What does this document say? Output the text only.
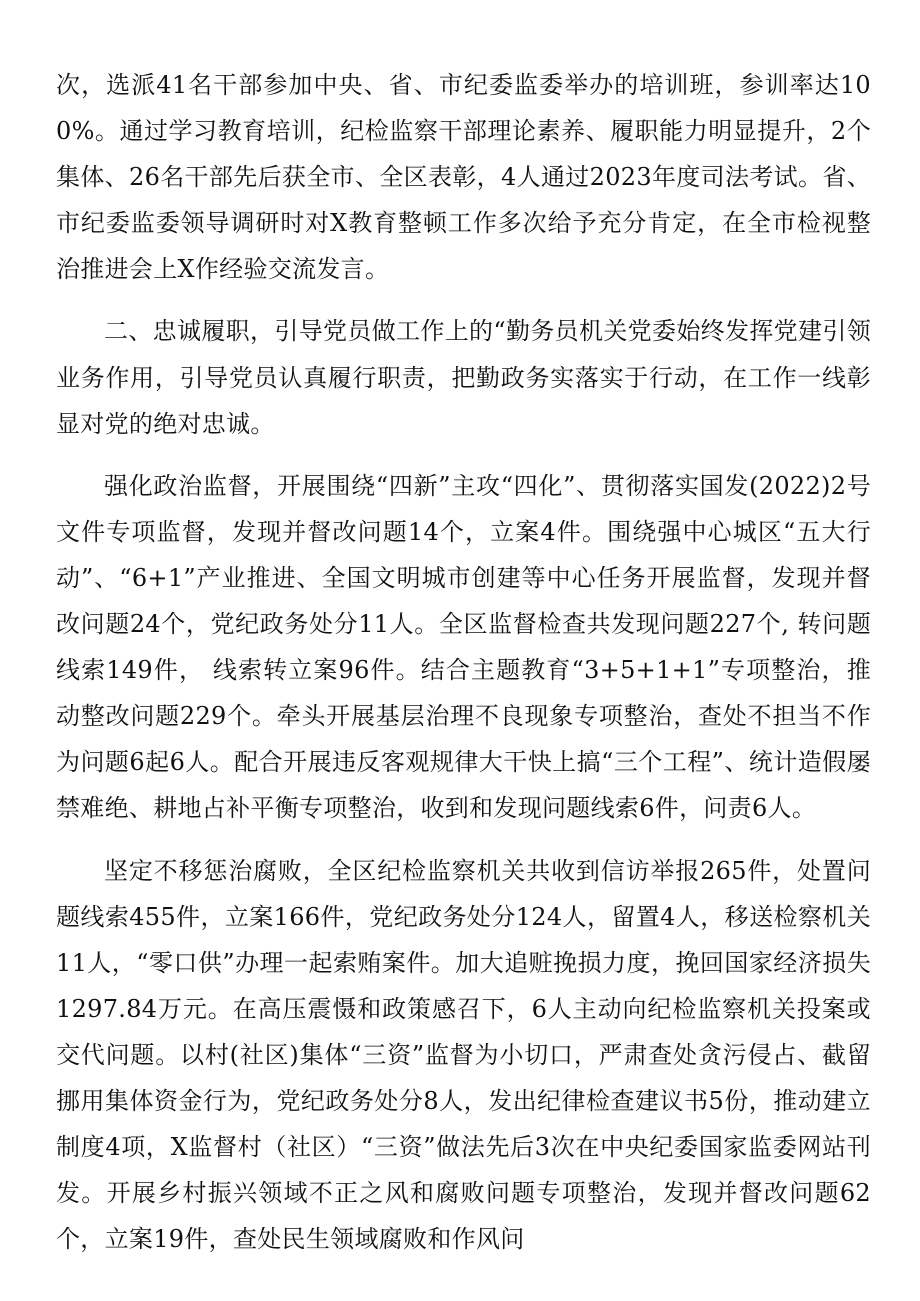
次，选派41名干部参加中央、省、市纪委监委举办的培训班，参训率达100%。通过学习教育培训，纪检监察干部理论素养、履职能力明显提升，2个集体、26名干部先后获全市、全区表彰，4人通过2023年度司法考试。省、市纪委监委领导调研时对X教育整顿工作多次给予充分肯定，在全市检视整治推进会上X作经验交流发言。

二、忠诚履职，引导党员做工作上的“勤务员机关党委始终发挥党建引领业务作用，引导党员认真履行职责，把勤政务实落实于行动，在工作一线彰显对党的绝对忠诚。

强化政治监督，开展围绕“四新”主攻“四化”、贯彻落实国发(2022)2号文件专项监督，发现并督改问题14个，立案4件。围绕强中心城区“五大行动”、“6+1”产业推进、全国文明城市创建等中心任务开展监督，发现并督改问题24个，党纪政务处分11人。全区监督检查共发现问题227个, 转问题线索149件， 线索转立案96件。结合主题教育“3+5+1+1”专项整治，推动整改问题229个。牵头开展基层治理不良现象专项整治，查处不担当不作为问题6起6人。配合开展违反客观规律大干快上搞“三个工程”、统计造假屡禁难绝、耕地占补平衡专项整治，收到和发现问题线索6件，问责6人。

坚定不移惩治腐败，全区纪检监察机关共收到信访举报265件，处置问题线索455件，立案166件，党纪政务处分124人，留置4人，移送检察机关11人，“零口供”办理一起索贿案件。加大追赃挽损力度，挽回国家经济损失1297.84万元。在高压震慑和政策感召下，6人主动向纪检监察机关投案或交代问题。以村(社区)集体“三资”监督为小切口，严肃查处贪污侵占、截留挪用集体资金行为，党纪政务处分8人，发出纪律检查建议书5份，推动建立制度4项，X监督村（社区）“三资”做法先后3次在中央纪委国家监委网站刊发。开展乡村振兴领域不正之风和腐败问题专项整治，发现并督改问题62个，立案19件，查处民生领域腐败和作风问
